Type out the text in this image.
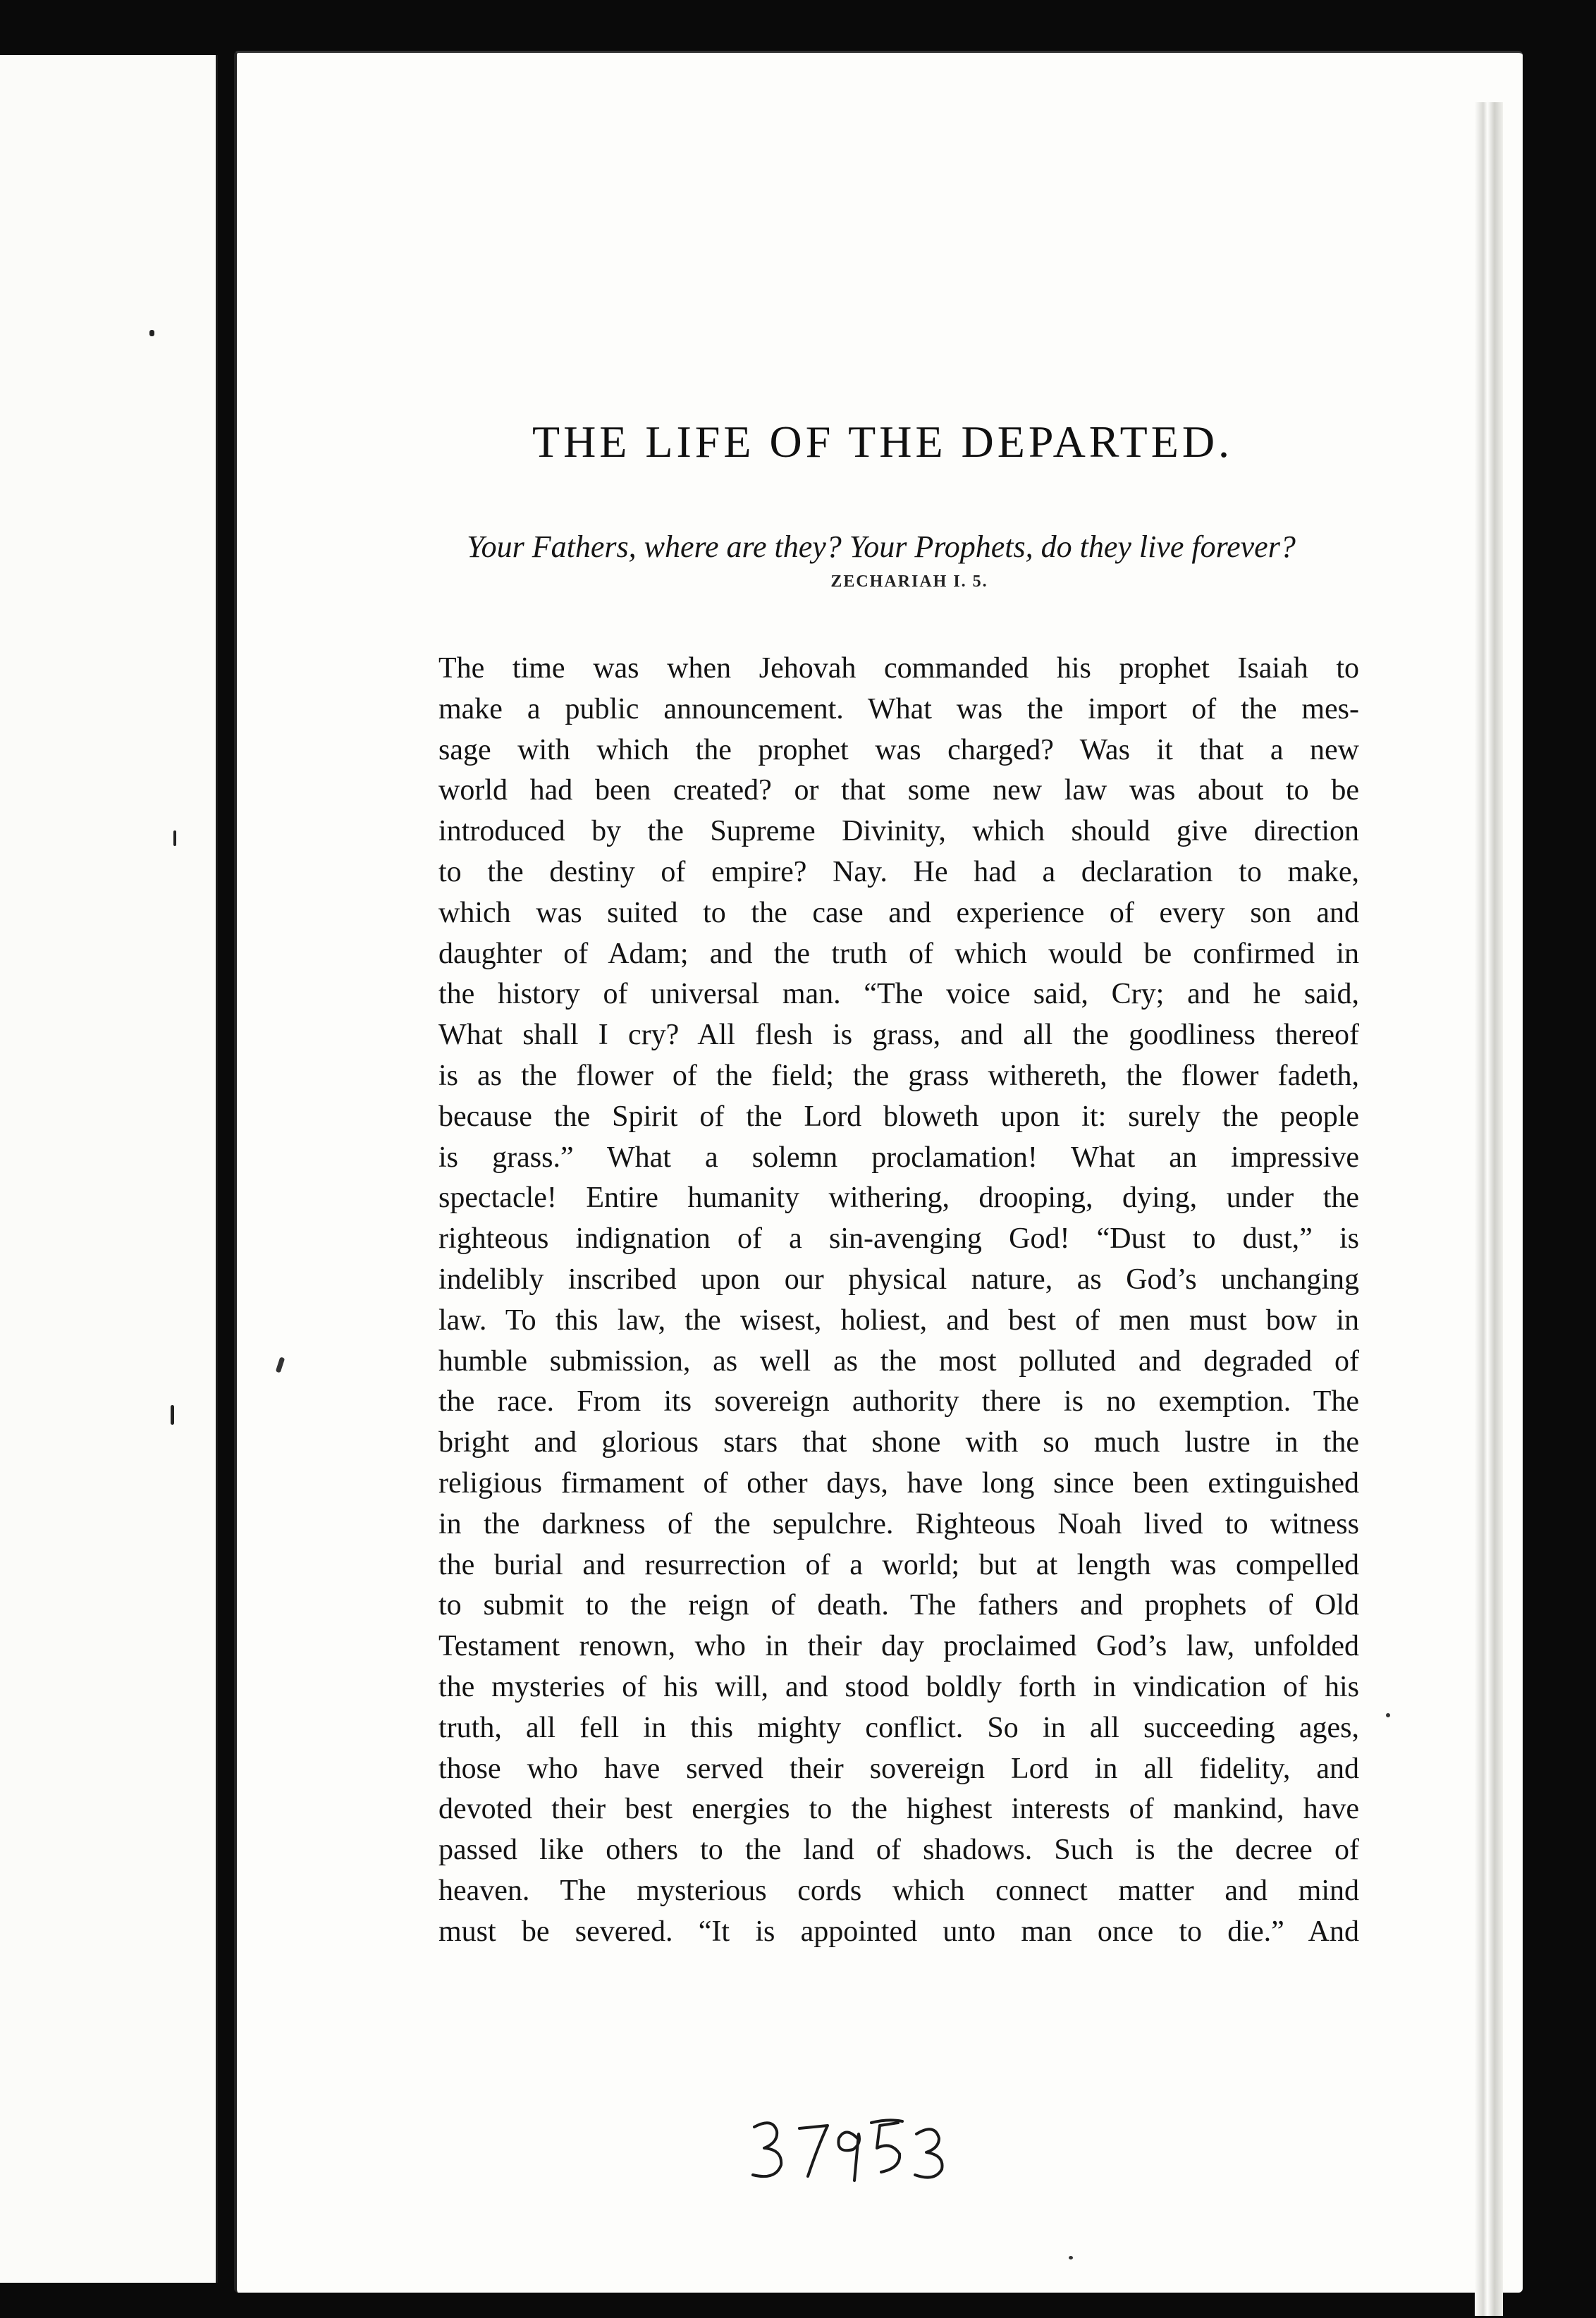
THE LIFE OF THE DEPARTED.
Your Fathers, where are they? Your Prophets, do they live forever?
ZECHARIAH I. 5.
The time was when Jehovah commanded his prophet Isaiah to
make a public announcement. What was the import of the mes-
sage with which the prophet was charged? Was it that a new
world had been created? or that some new law was about to be
introduced by the Supreme Divinity, which should give direction
to the destiny of empire? Nay. He had a declaration to make,
which was suited to the case and experience of every son and
daughter of Adam; and the truth of which would be confirmed in
the history of universal man. “The voice said, Cry; and he said,
What shall I cry? All flesh is grass, and all the goodliness thereof
is as the flower of the field; the grass withereth, the flower fadeth,
because the Spirit of the Lord bloweth upon it: surely the people
is grass.” What a solemn proclamation! What an impressive
spectacle! Entire humanity withering, drooping, dying, under the
righteous indignation of a sin-avenging God! “Dust to dust,” is
indelibly inscribed upon our physical nature, as God’s unchanging
law. To this law, the wisest, holiest, and best of men must bow in
humble submission, as well as the most polluted and degraded of
the race. From its sovereign authority there is no exemption. The
bright and glorious stars that shone with so much lustre in the
religious firmament of other days, have long since been extinguished
in the darkness of the sepulchre. Righteous Noah lived to witness
the burial and resurrection of a world; but at length was compelled
to submit to the reign of death. The fathers and prophets of Old
Testament renown, who in their day proclaimed God’s law, unfolded
the mysteries of his will, and stood boldly forth in vindication of his
truth, all fell in this mighty conflict. So in all succeeding ages,
those who have served their sovereign Lord in all fidelity, and
devoted their best energies to the highest interests of mankind, have
passed like others to the land of shadows. Such is the decree of
heaven. The mysterious cords which connect matter and mind
must be severed. “It is appointed unto man once to die.” And
